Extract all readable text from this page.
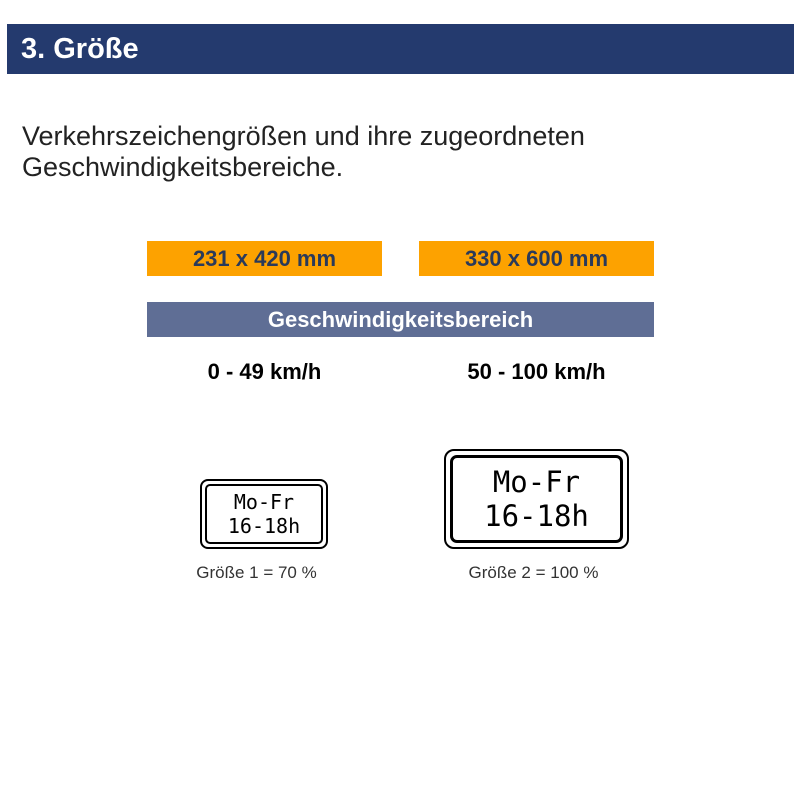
3. Größe
Verkehrszeichengrößen und ihre zugeordneten Geschwindigkeitsbereiche.
231 x 420 mm	330 x 600 mm
Geschwindigkeitsbereich
0 - 49 km/h	50 - 100 km/h
Mo-Fr
16-18h
Mo-Fr
16-18h
Größe 1 = 70 %	Größe 2 = 100 %
